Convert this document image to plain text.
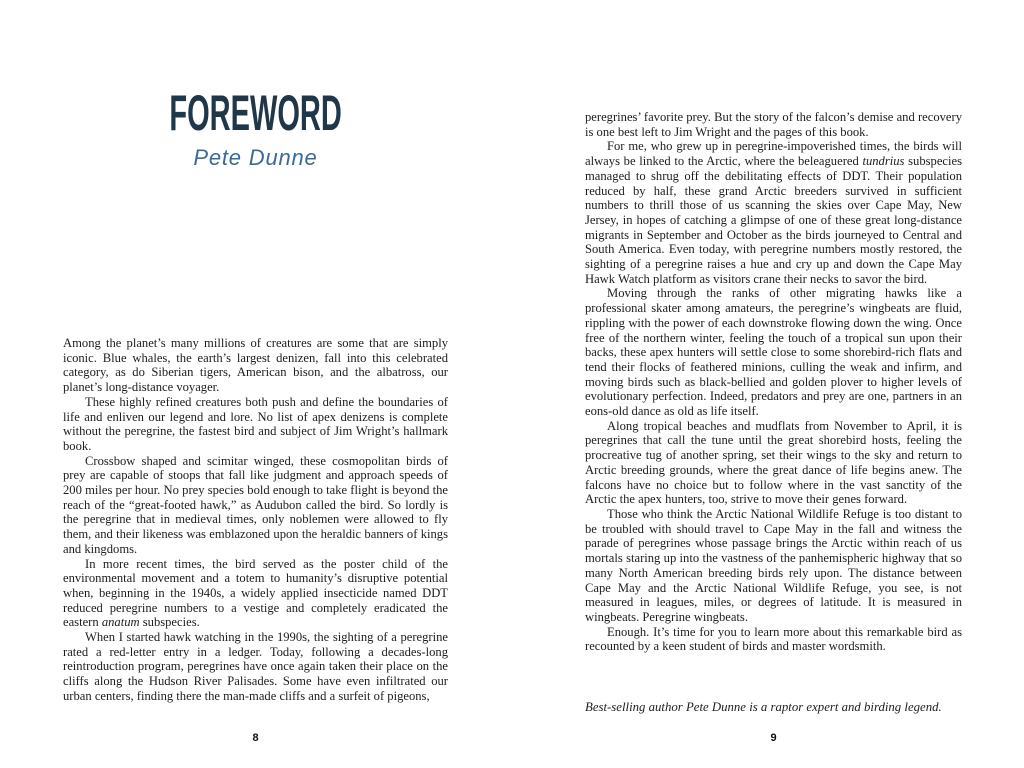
FOREWORD
Pete Dunne

Among the planet’s many millions of creatures are some that are simply iconic. Blue whales, the earth’s largest denizen, fall into this celebrated category, as do Siberian tigers, American bison, and the albatross, our planet’s long-distance voyager.

These highly refined creatures both push and define the boundaries of life and enliven our legend and lore. No list of apex denizens is complete without the peregrine, the fastest bird and subject of Jim Wright’s hallmark book.

Crossbow shaped and scimitar winged, these cosmopolitan birds of prey are capable of stoops that fall like judgment and approach speeds of 200 miles per hour. No prey species bold enough to take flight is beyond the reach of the “great-footed hawk,” as Audubon called the bird. So lordly is the peregrine that in medieval times, only noblemen were allowed to fly them, and their likeness was emblazoned upon the heraldic banners of kings and kingdoms.

In more recent times, the bird served as the poster child of the environmental movement and a totem to humanity’s disruptive potential when, beginning in the 1940s, a widely applied insecticide named DDT reduced peregrine numbers to a vestige and completely eradicated the eastern anatum subspecies.

When I started hawk watching in the 1990s, the sighting of a peregrine rated a red-letter entry in a ledger. Today, following a decades-long reintroduction program, peregrines have once again taken their place on the cliffs along the Hudson River Palisades. Some have even infiltrated our urban centers, finding there the man-made cliffs and a surfeit of pigeons,

peregrines’ favorite prey. But the story of the falcon’s demise and recovery is one best left to Jim Wright and the pages of this book.

For me, who grew up in peregrine-impoverished times, the birds will always be linked to the Arctic, where the beleaguered tundrius subspecies managed to shrug off the debilitating effects of DDT. Their population reduced by half, these grand Arctic breeders survived in sufficient numbers to thrill those of us scanning the skies over Cape May, New Jersey, in hopes of catching a glimpse of one of these great long-distance migrants in September and October as the birds journeyed to Central and South America. Even today, with peregrine numbers mostly restored, the sighting of a peregrine raises a hue and cry up and down the Cape May Hawk Watch platform as visitors crane their necks to savor the bird.

Moving through the ranks of other migrating hawks like a professional skater among amateurs, the peregrine’s wingbeats are fluid, rippling with the power of each downstroke flowing down the wing. Once free of the northern winter, feeling the touch of a tropical sun upon their backs, these apex hunters will settle close to some shorebird-rich flats and tend their flocks of feathered minions, culling the weak and infirm, and moving birds such as black-bellied and golden plover to higher levels of evolutionary perfection. Indeed, predators and prey are one, partners in an eons-old dance as old as life itself.

Along tropical beaches and mudflats from November to April, it is peregrines that call the tune until the great shorebird hosts, feeling the procreative tug of another spring, set their wings to the sky and return to Arctic breeding grounds, where the great dance of life begins anew. The falcons have no choice but to follow where in the vast sanctity of the Arctic the apex hunters, too, strive to move their genes forward.

Those who think the Arctic National Wildlife Refuge is too distant to be troubled with should travel to Cape May in the fall and witness the parade of peregrines whose passage brings the Arctic within reach of us mortals staring up into the vastness of the panhemispheric highway that so many North American breeding birds rely upon. The distance between Cape May and the Arctic National Wildlife Refuge, you see, is not measured in leagues, miles, or degrees of latitude. It is measured in wingbeats. Peregrine wingbeats.

Enough. It’s time for you to learn more about this remarkable bird as recounted by a keen student of birds and master wordsmith.

Best-selling author Pete Dunne is a raptor expert and birding legend.

8	9
